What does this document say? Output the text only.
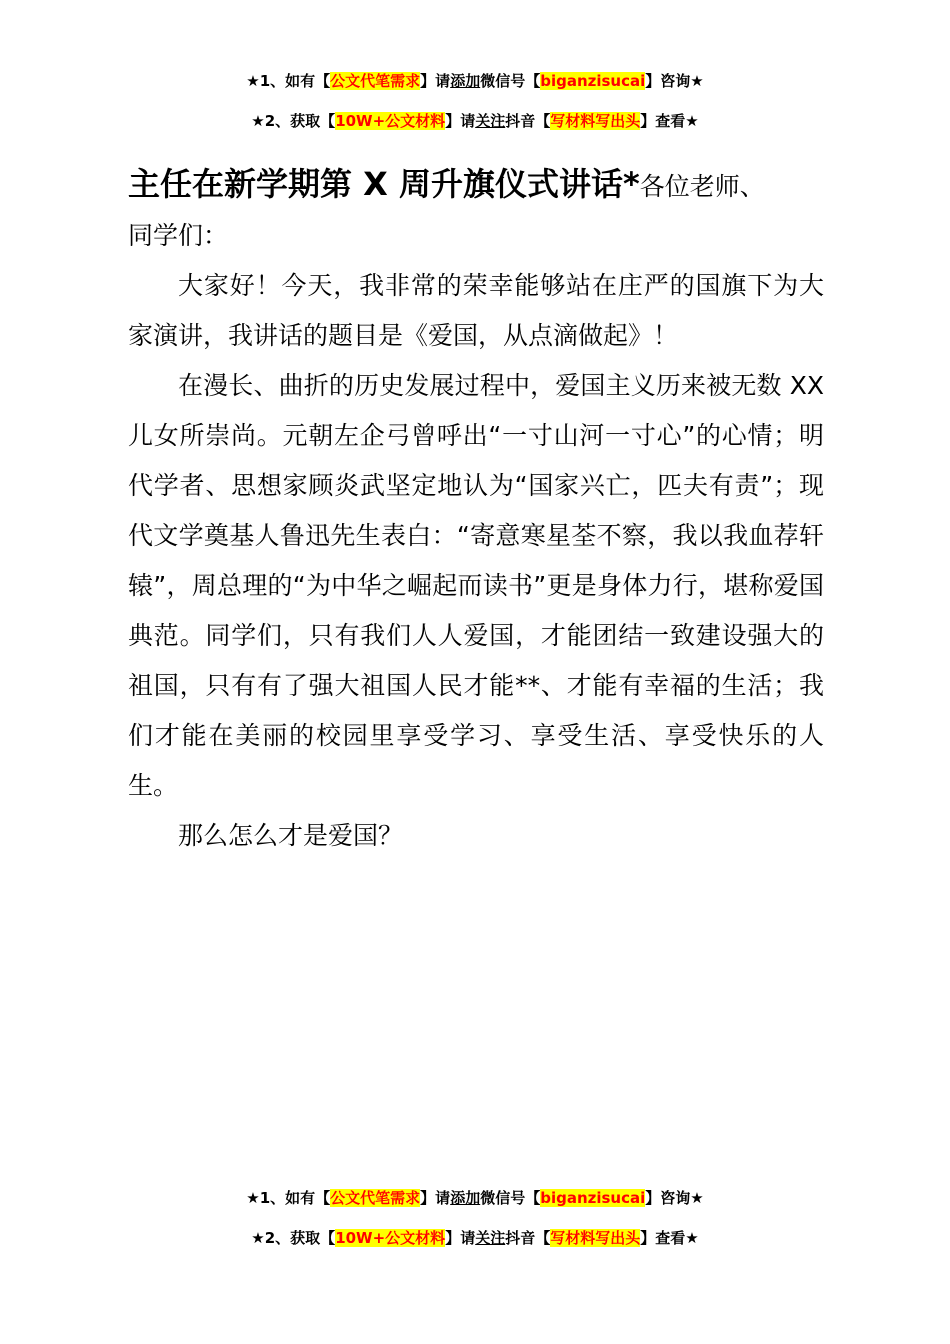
★1、如有【公文代笔需求】请添加微信号【biganzisucai】咨询★
★2、获取【10W+公文材料】请关注抖音【写材料写出头】查看★
主任在新学期第 X 周升旗仪式讲话*各位老师、

同学们：

大家好！今天，我非常的荣幸能够站在庄严的国旗下为大家演讲，我讲话的题目是《爱国，从点滴做起》！

在漫长、曲折的历史发展过程中，爱国主义历来被无数 XX 儿女所崇尚。元朝左企弓曾呼出“一寸山河一寸心”的心情；明代学者、思想家顾炎武坚定地认为“国家兴亡，匹夫有责”；现代文学奠基人鲁迅先生表白：“寄意寒星荃不察，我以我血荐轩辕”，周总理的“为中华之崛起而读书”更是身体力行，堪称爱国典范。同学们，只有我们人人爱国，才能团结一致建设强大的祖国，只有有了强大祖国人民才能**、才能有幸福的生活；我们才能在美丽的校园里享受学习、享受生活、享受快乐的人生。

那么怎么才是爱国？

★1、如有【公文代笔需求】请添加微信号【biganzisucai】咨询★
★2、获取【10W+公文材料】请关注抖音【写材料写出头】查看★
